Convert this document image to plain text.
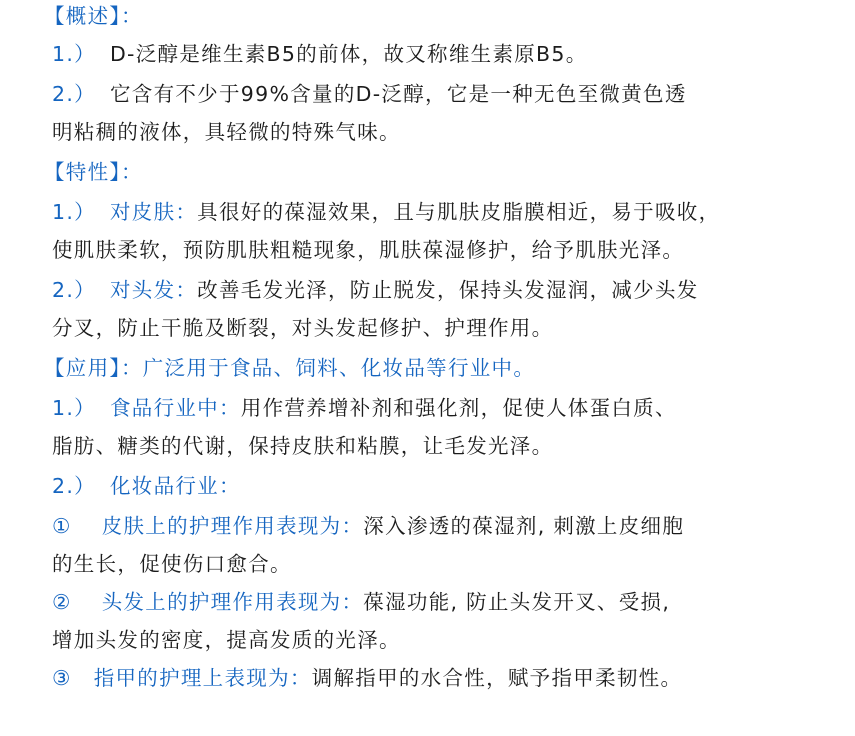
【概述】：
1.） D-泛醇是维生素B5的前体，故又称维生素原B5。
2.） 它含有不少于99%含量的D-泛醇，它是一种无色至微黄色透
明粘稠的液体，具轻微的特殊气味。
【特性】：
1.） 对皮肤：具很好的葆湿效果，且与肌肤皮脂膜相近，易于吸收，
使肌肤柔软，预防肌肤粗糙现象，肌肤葆湿修护，给予肌肤光泽。
2.） 对头发：改善毛发光泽，防止脱发，保持头发湿润，减少头发
分叉，防止干脆及断裂，对头发起修护、护理作用。
【应用】：广泛用于食品、饲料、化妆品等行业中。
1.） 食品行业中：用作营养增补剂和强化剂，促使人体蛋白质、
脂肪、糖类的代谢，保持皮肤和粘膜，让毛发光泽。
2.） 化妆品行业：
① 皮肤上的护理作用表现为：深入渗透的葆湿剂, 刺激上皮细胞
的生长，促使伤口愈合。
② 头发上的护理作用表现为：葆湿功能, 防止头发开叉、受损,
增加头发的密度，提高发质的光泽。
③ 指甲的护理上表现为：调解指甲的水合性，赋予指甲柔韧性。
